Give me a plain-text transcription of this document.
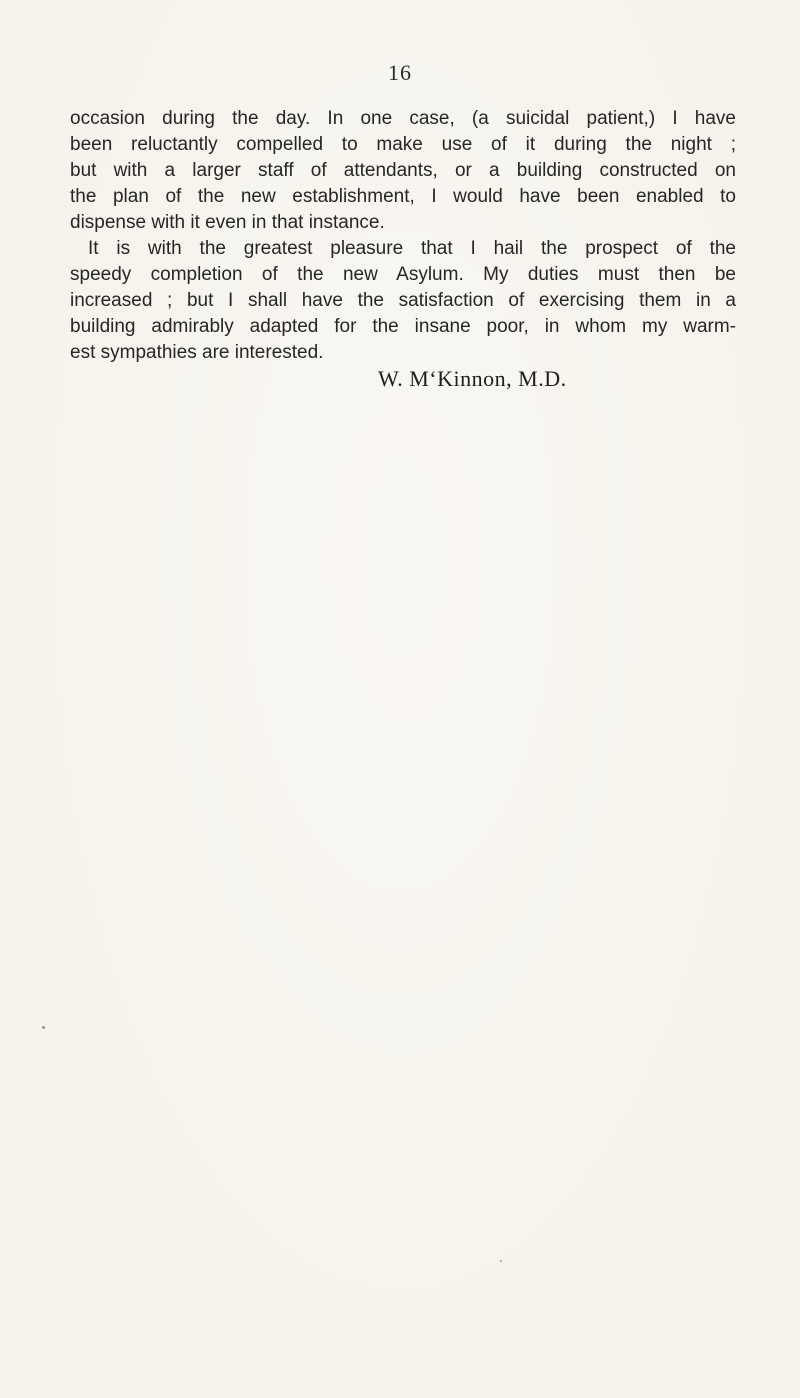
16
occasion during the day. In one case, (a suicidal patient,) I have
been reluctantly compelled to make use of it during the night ;
but with a larger staff of attendants, or a building constructed on
the plan of the new establishment, I would have been enabled to
dispense with it even in that instance.
It is with the greatest pleasure that I hail the prospect of the
speedy completion of the new Asylum. My duties must then be
increased ; but I shall have the satisfaction of exercising them in a
building admirably adapted for the insane poor, in whom my warm-
est sympathies are interested.
W. M‘Kinnon, M.D.
